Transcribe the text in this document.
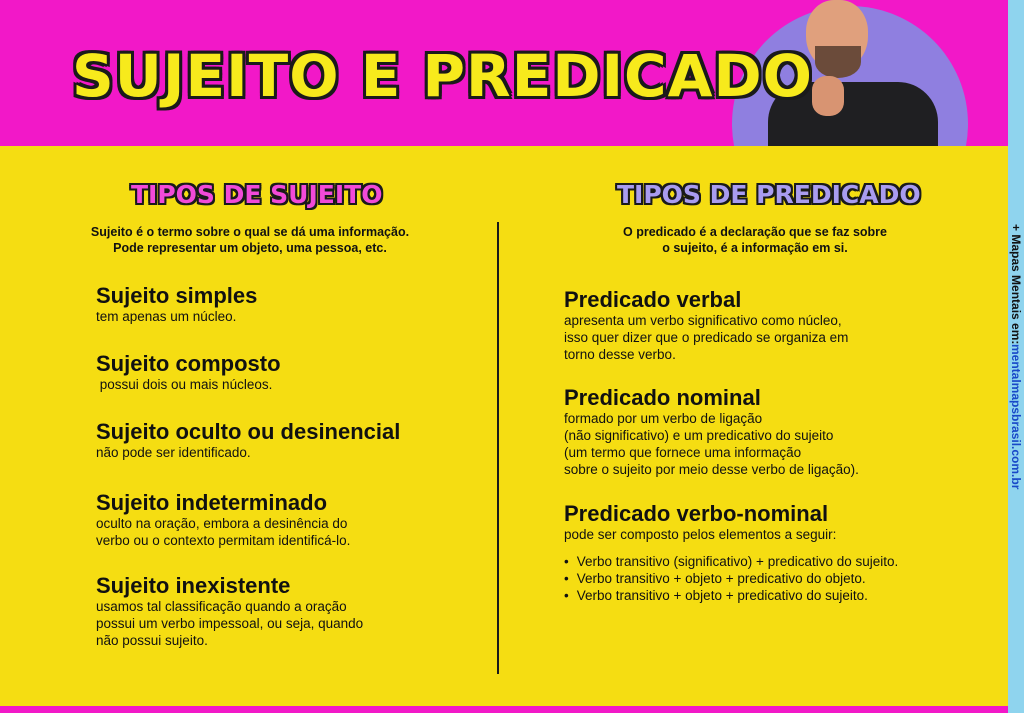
SUJEITO E PREDICADO
+ Mapas Mentais em:
mentalmapsbrasil.com.br
TIPOS DE SUJEITO
Sujeito é o termo sobre o qual se dá uma informação.
Pode representar um objeto, uma pessoa, etc.
Sujeito simples

tem apenas um núcleo.

Sujeito composto

possui dois ou mais núcleos.

Sujeito oculto ou desinencial

não pode ser identificado.

Sujeito indeterminado

oculto na oração, embora a desinência do

verbo ou o contexto permitam identificá-lo.

Sujeito inexistente

usamos tal classificação quando a oração

possui um verbo impessoal, ou seja, quando

não possui sujeito.

TIPOS DE PREDICADO
O predicado é a declaração que se faz sobre
o sujeito, é a informação em si.
Predicado verbal

apresenta um verbo significativo como núcleo,

isso quer dizer que o predicado se organiza em

torno desse verbo.

Predicado nominal

formado por um verbo de ligação

(não significativo) e um predicativo do sujeito

(um termo que fornece uma informação

sobre o sujeito por meio desse verbo de ligação).

Predicado verbo-nominal

pode ser composto pelos elementos a seguir:

• Verbo transitivo (significativo) + predicativo do sujeito.
• Verbo transitivo + objeto + predicativo do objeto.
• Verbo transitivo + objeto + predicativo do sujeito.
